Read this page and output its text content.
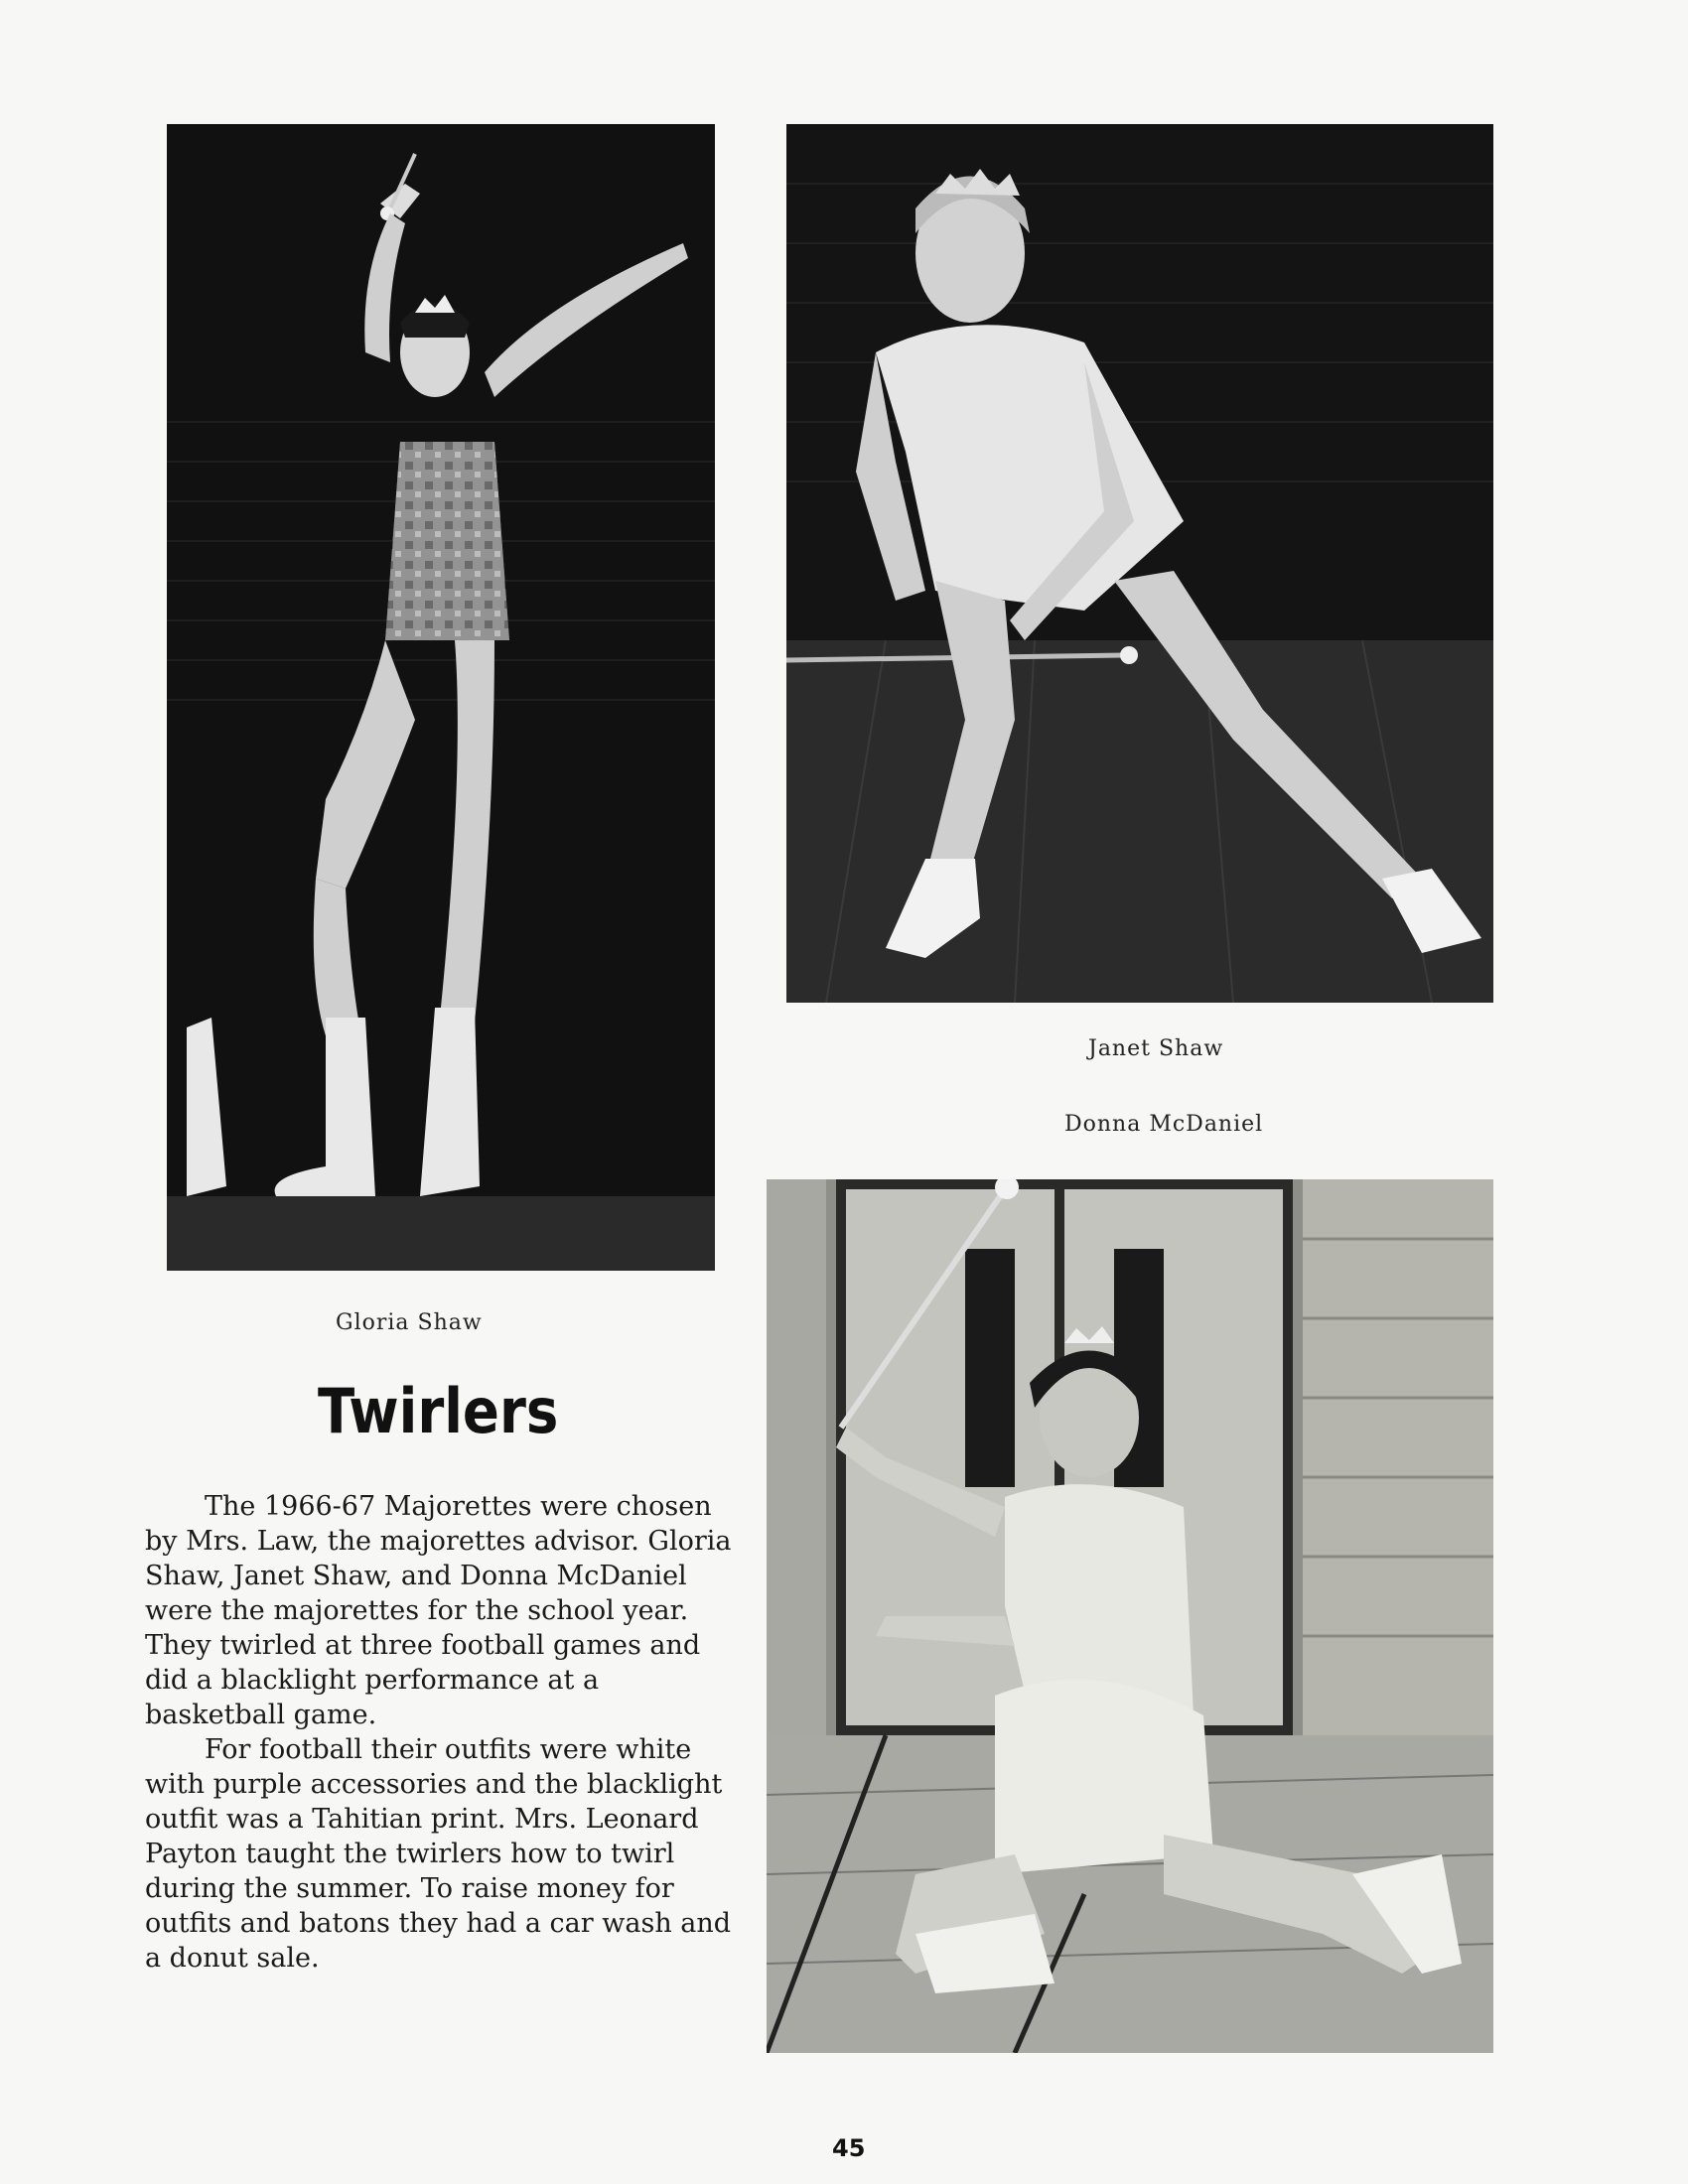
Janet Shaw
Donna McDaniel
Gloria Shaw
Twirlers

The 1966-67 Majorettes were chosen by Mrs. Law, the majorettes advisor. Gloria Shaw, Janet Shaw, and Donna McDaniel were the majorettes for the school year. They twirled at three football games and did a blacklight performance at a basketball game.

For football their outfits were white with purple accessories and the blacklight outfit was a Tahitian print. Mrs. Leonard Payton taught the twirlers how to twirl during the summer. To raise money for outfits and batons they had a car wash and a donut sale.

45
